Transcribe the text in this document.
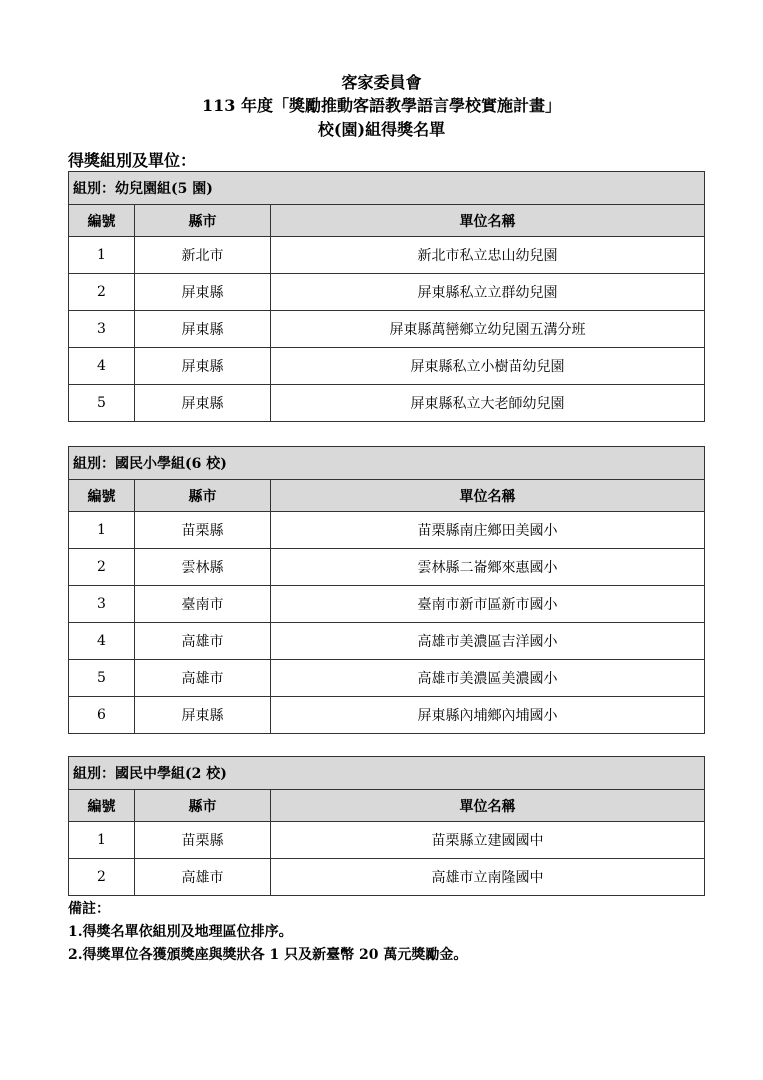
客家委員會
113 年度「獎勵推動客語教學語言學校實施計畫」
校(園)組得獎名單
得獎組別及單位：
組別：幼兒園組(5 園)		
編號	縣市	單位名稱
1	新北市	新北市私立忠山幼兒園
2	屏東縣	屏東縣私立立群幼兒園
3	屏東縣	屏東縣萬巒鄉立幼兒園五溝分班
4	屏東縣	屏東縣私立小樹苗幼兒園
5	屏東縣	屏東縣私立大老師幼兒園
組別：國民小學組(6 校)		
編號	縣市	單位名稱
1	苗栗縣	苗栗縣南庄鄉田美國小
2	雲林縣	雲林縣二崙鄉來惠國小
3	臺南市	臺南市新市區新市國小
4	高雄市	高雄市美濃區吉洋國小
5	高雄市	高雄市美濃區美濃國小
6	屏東縣	屏東縣內埔鄉內埔國小
組別：國民中學組(2 校)		
編號	縣市	單位名稱
1	苗栗縣	苗栗縣立建國國中
2	高雄市	高雄市立南隆國中
備註：
1.得獎名單依組別及地理區位排序。
2.得獎單位各獲頒獎座與獎狀各 1 只及新臺幣 20 萬元獎勵金。
